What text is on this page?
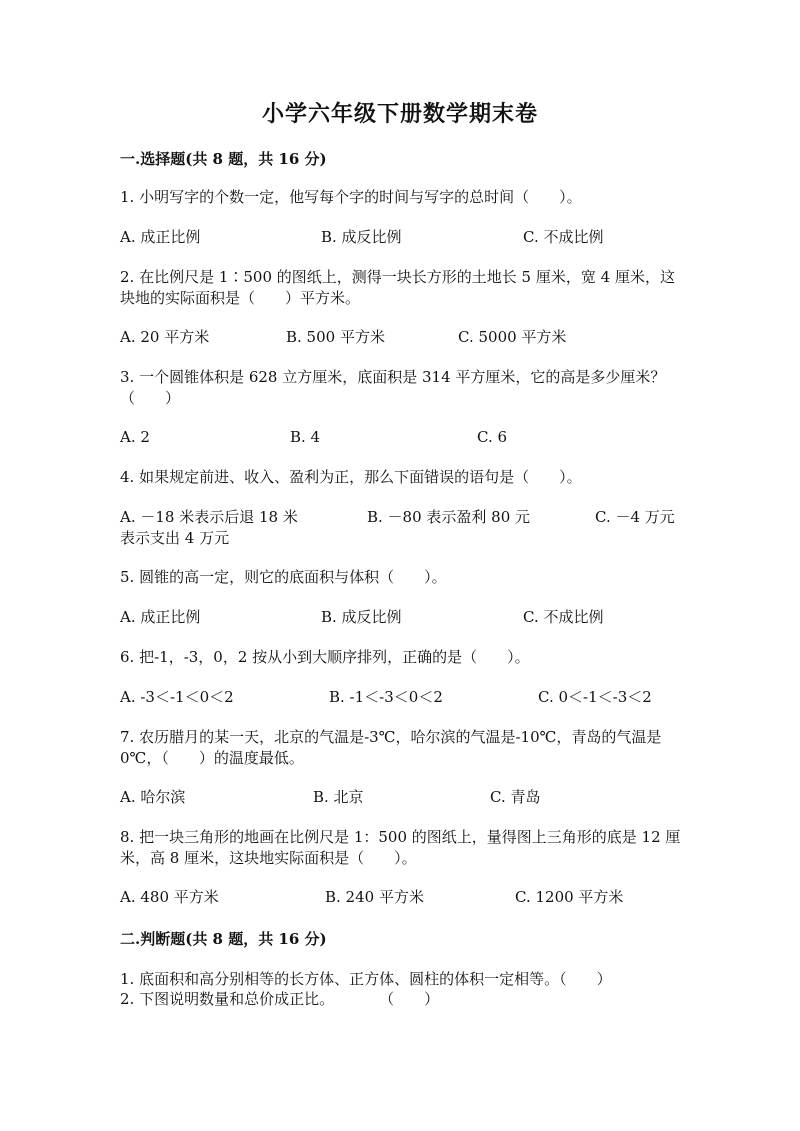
小学六年级下册数学期末卷
一.选择题(共 8 题，共 16 分)
1. 小明写字的个数一定，他写每个字的时间与写字的总时间（　　）。
A. 成正比例	B. 成反比例	C. 不成比例
2. 在比例尺是 1∶500 的图纸上，测得一块长方形的土地长 5 厘米，宽 4 厘米，这块地的实际面积是（　　）平方米。
A. 20 平方米	B. 500 平方米	C. 5000 平方米
3. 一个圆锥体积是 628 立方厘米，底面积是 314 平方厘米，它的高是多少厘米？（　　）
A. 2	B. 4	C. 6
4. 如果规定前进、收入、盈利为正，那么下面错误的语句是（　　）。
A. －18 米表示后退 18 米	B. －80 表示盈利 80 元	C. －4 万元
表示支出 4 万元
5. 圆锥的高一定，则它的底面积与体积（　　）。
A. 成正比例	B. 成反比例	C. 不成比例
6. 把-1，-3，0，2 按从小到大顺序排列，正确的是（　　）。
A. -3＜-1＜0＜2	B. -1＜-3＜0＜2	C. 0＜-1＜-3＜2
7. 农历腊月的某一天，北京的气温是-3℃，哈尔滨的气温是-10℃，青岛的气温是 0℃，（　　）的温度最低。
A. 哈尔滨	B. 北京	C. 青岛
8. 把一块三角形的地画在比例尺是 1：500 的图纸上，量得图上三角形的底是 12 厘米，高 8 厘米，这块地实际面积是（　　）。
A. 480 平方米	B. 240 平方米	C. 1200 平方米
二.判断题(共 8 题，共 16 分)
1. 底面积和高分别相等的长方体、正方体、圆柱的体积一定相等。（　　）
2. 下图说明数量和总价成正比。　　　　（　　）
